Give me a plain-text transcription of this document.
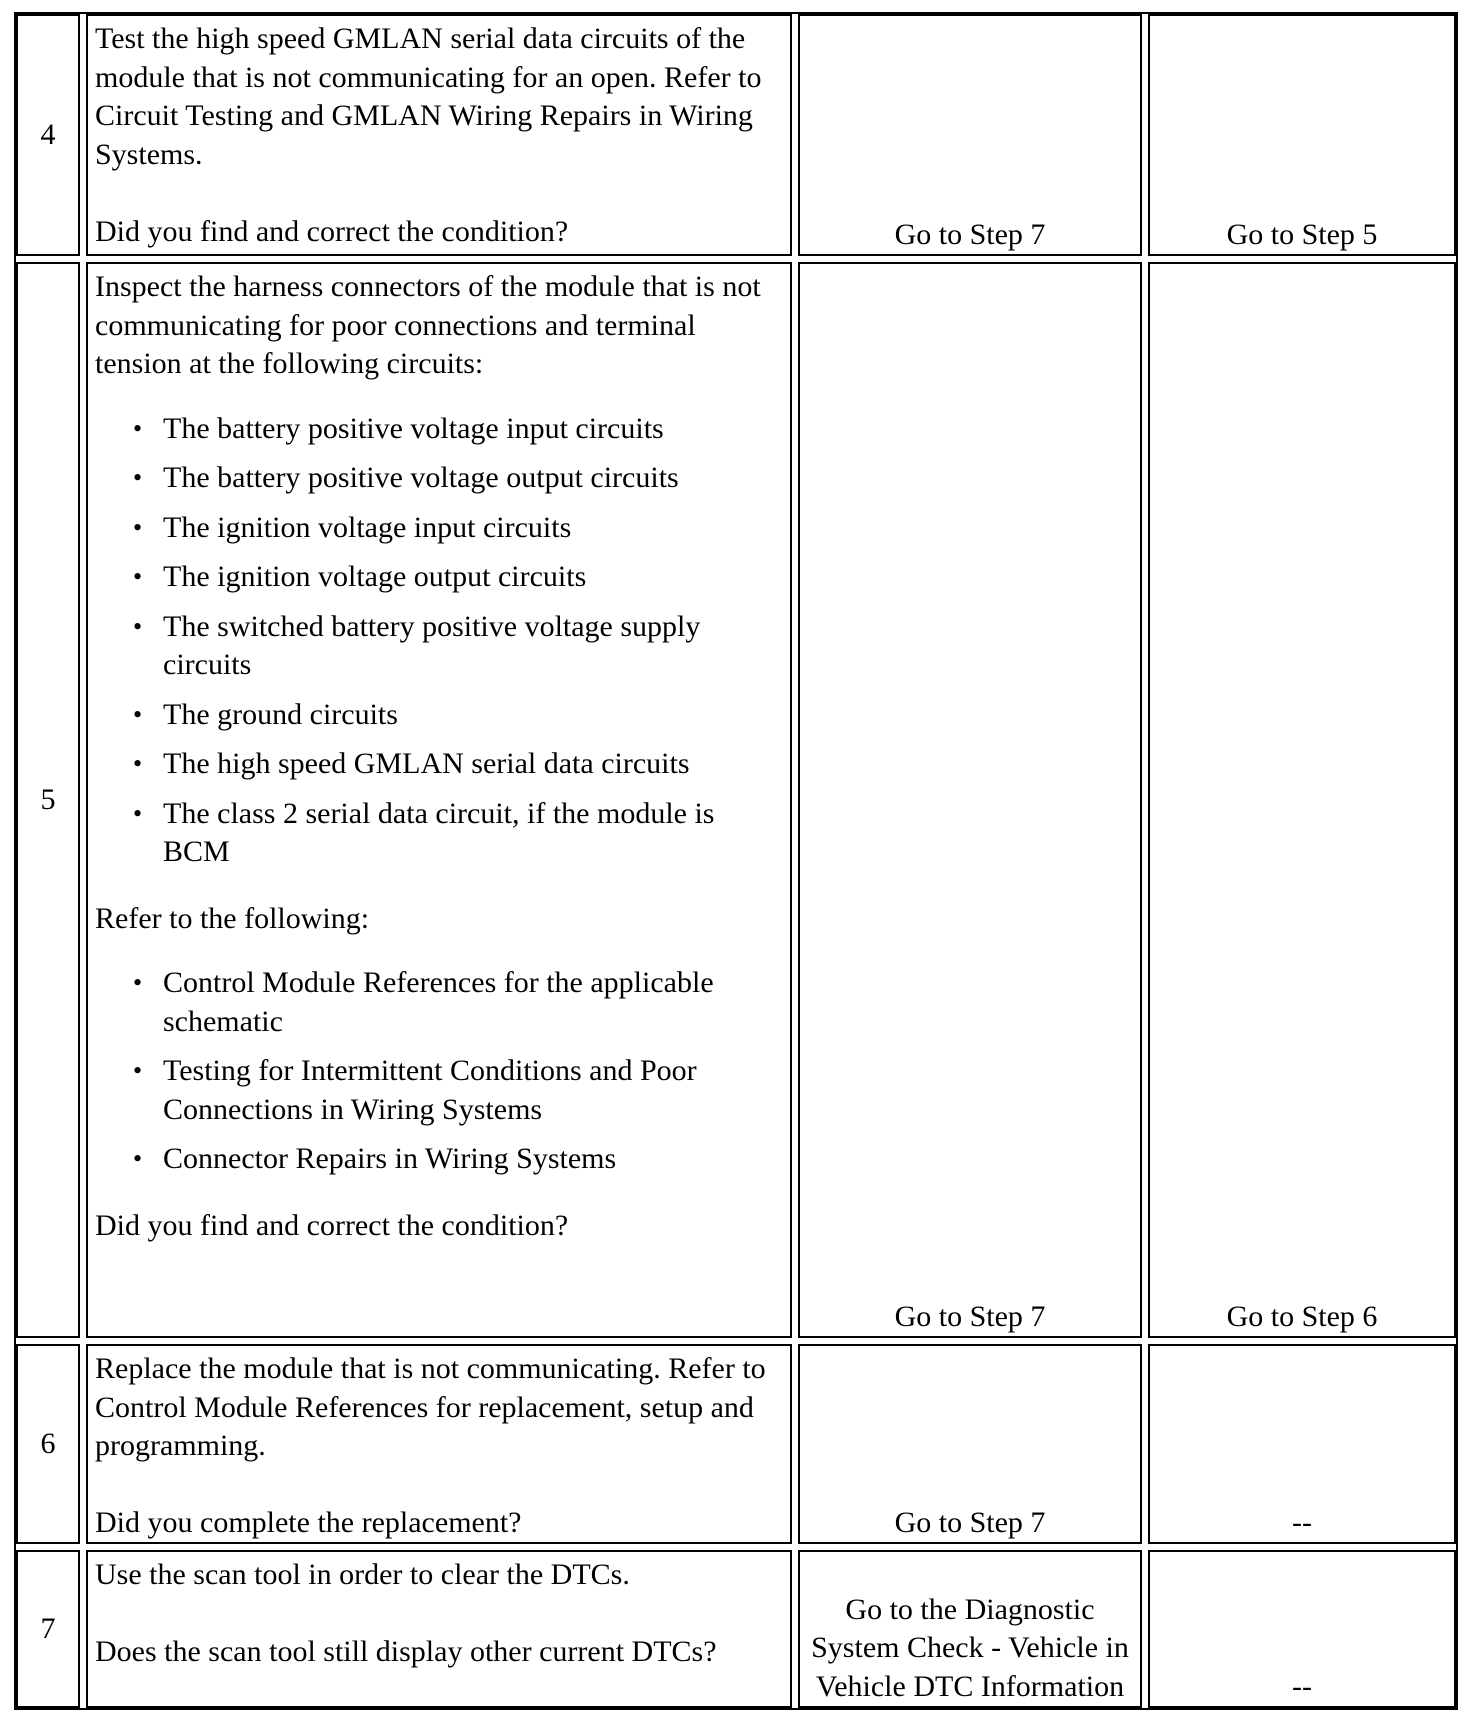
4

Test the high speed GMLAN serial data circuits of the module that is not communicating for an open. Refer to Circuit Testing and GMLAN Wiring Repairs in Wiring Systems.

Did you find and correct the condition?	Go to Step 7	Go to Step 5
5

Inspect the harness connectors of the module that is not communicating for poor connections and terminal tension at the following circuits:

• The battery positive voltage input circuits
• The battery positive voltage output circuits
• The ignition voltage input circuits
• The ignition voltage output circuits
• The switched battery positive voltage supply circuits
• The ground circuits
• The high speed GMLAN serial data circuits
• The class 2 serial data circuit, if the module is BCM

Refer to the following:

• Control Module References for the applicable schematic
• Testing for Intermittent Conditions and Poor Connections in Wiring Systems
• Connector Repairs in Wiring Systems

Did you find and correct the condition?

Go to Step 7	Go to Step 6
6

Replace the module that is not communicating. Refer to Control Module References for replacement, setup and programming.

Did you complete the replacement?	Go to Step 7	--
7

Use the scan tool in order to clear the DTCs.

Does the scan tool still display other current DTCs?

Go to the Diagnostic System Check - Vehicle in Vehicle DTC Information	--
